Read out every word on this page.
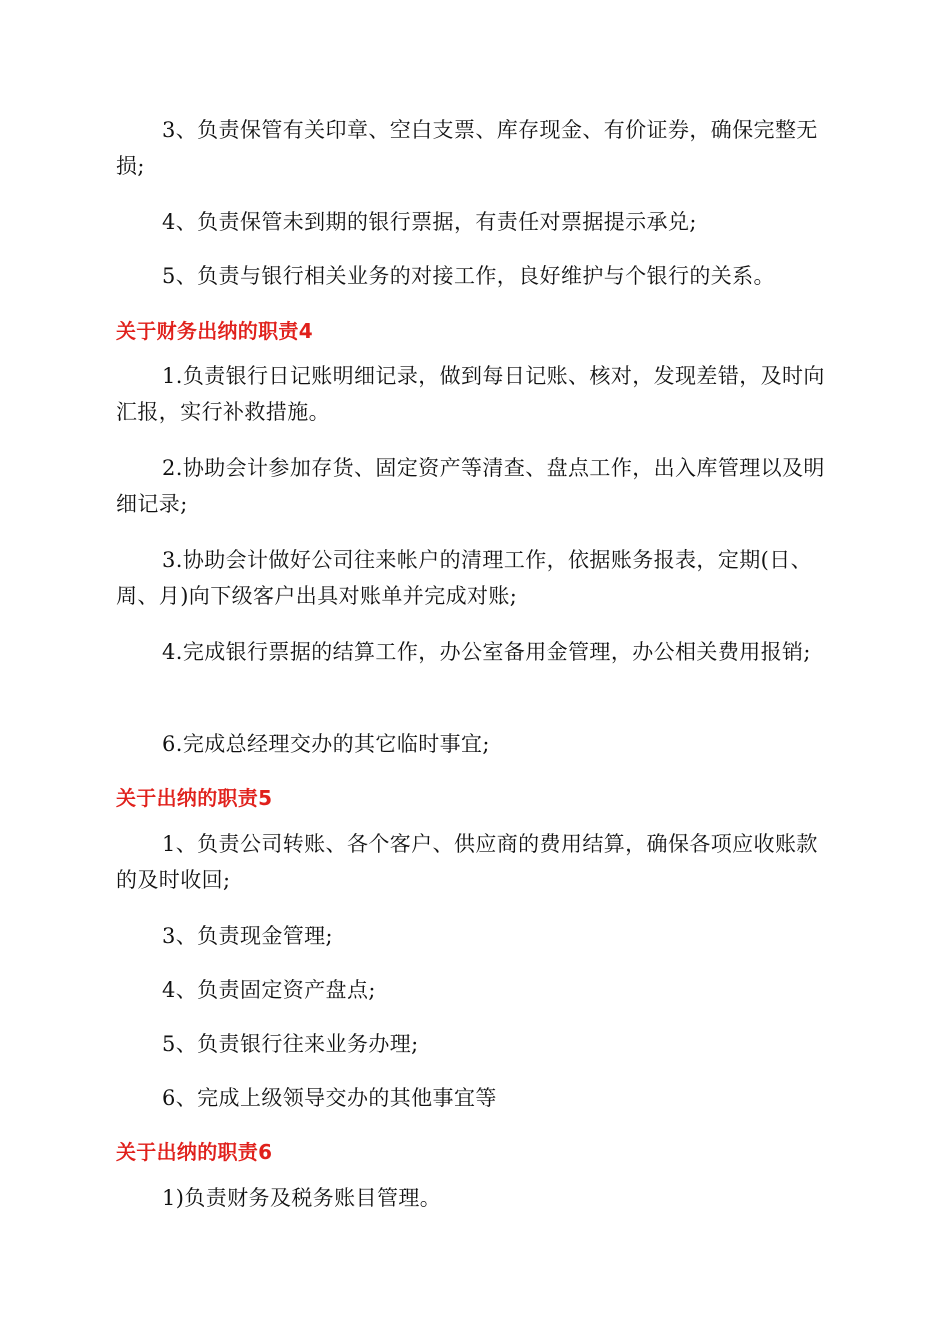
3、负责保管有关印章、空白支票、库存现金、有价证券，确保完整无损;

4、负责保管未到期的银行票据，有责任对票据提示承兑;

5、负责与银行相关业务的对接工作，良好维护与个银行的关系。

关于财务出纳的职责4

1.负责银行日记账明细记录，做到每日记账、核对，发现差错，及时向汇报，实行补救措施。

2.协助会计参加存货、固定资产等清查、盘点工作，出入库管理以及明细记录;

3.协助会计做好公司往来帐户的清理工作，依据账务报表，定期(日、周、月)向下级客户出具对账单并完成对账;

4.完成银行票据的结算工作，办公室备用金管理，办公相关费用报销;

6.完成总经理交办的其它临时事宜;

关于出纳的职责5

1、负责公司转账、各个客户、供应商的费用结算，确保各项应收账款的及时收回;

3、负责现金管理;

4、负责固定资产盘点;

5、负责银行往来业务办理;

6、完成上级领导交办的其他事宜等

关于出纳的职责6

1)负责财务及税务账目管理。
